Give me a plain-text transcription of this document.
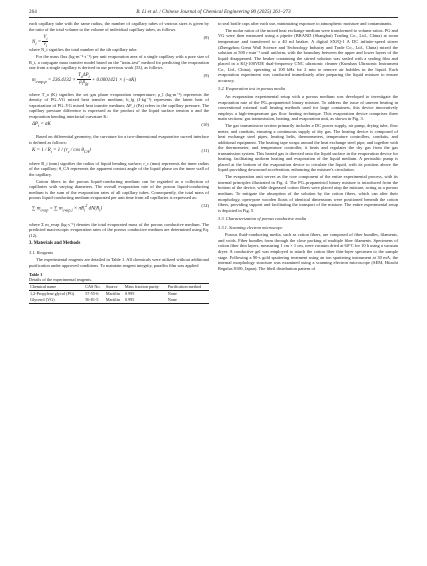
264	B. Li et al. / Chinese Journal of Chemical Engineering 80 (2025) 261–273

each capillary tube with the same radius, the number of capillary tubes of various sizes is given by the ratio of the total volume to the volume of individual capillary tubes, as follows.

$N_i = \frac{V_i}{v_i}$	(8)

where N_i signifies the total number of the ith capillary tube.

For the mass flux (kg·m⁻²·s⁻¹) per unit evaporation area of a single capillary with a pore size of R_i, a conjugate mass transfer model based on the "train–test" method for predicting the evaporation rate from a single capillary is derived in our previous work [33], as follows.

$m_{evap,p} = 236.4132 \times \frac{T_a\Delta P_i}{\rho_lh_{fg}} + 0.0001421 \times (-\sigma K)$
(9)

where T_a (K) signifies the set gas phase evaporation temperature; ρ_l (kg·m⁻³) represents the density of PG–VG mixed heat transfer medium; h_fg (J·kg⁻¹) represents the latent heat of vaporization of PG–VG mixed heat transfer medium; ΔP_i (Pa) refers to the capillary pressure. The capillary pressure difference is expressed as the product of the liquid surface tension σ and the evaporation bending interfacial curvature K:

$\Delta P_i = \sigma K$	(10)

Based on differential geometry, the curvature for a two-dimensional evaporative curved interface is defined as follows:

$K = 1 / R_i = 1 / (r_c / \cos \theta_{CA})$	(11)

where R_i (mm) signifies the radius of liquid bending surface; r_c (mm) represents the inner radius of the capillary; θ_CA represents the apparent contact angle of the liquid phase on the inner wall of the capillary.

Cotton fibers in the porous liquid-conducting medium can be regarded as a collection of capillaries with varying diameters. The overall evaporation rate of the porous liquid-conducting medium is the sum of the evaporation rates of all capillary tubes. Consequently, the total mass of porous liquid-conducting medium evaporated per unit time from all capillaries is expressed as:

∑ $m_{evap}$ = ∑ $m_{evap,i} \times \pi R_i^2$ $dN(R_i)$
(12)

where Σ m_evap (kg·s⁻¹) denotes the total evaporated mass of the porous conductive medium. The predicted macroscopic evaporation rates of the porous conductive medium are determined using Eq. (12).

3. Materials and Methods

3.1. Reagents

The experimental reagents are detailed in Table 1. All chemicals were utilized without additional purification under approved conditions. To maintain reagent integrity, paraffin film was applied

Table 1
Details of the experimental reagents.

Chemical name	CAS No.	Source	Mass fraction purity	Purification method
1,2-Propylene glycol (PG)	57-55-6	Macklin	0.995	None
Glycerol (VG)	56-81-5	Macklin	0.995	None

to seal bottle caps after each use, minimizing exposure to atmospheric moisture and contaminants.

The molar ratios of the mixed heat exchange medium were transformed to volume ratios. PG and VG were then measured using a pipette (BRAND (Shanghai) Trading Co., Ltd., China) at room temperature and transferred to a 40 ml beaker. A digital SXJQ-1 A DC infinite-speed stirrer (Zhengzhou Great Wall Science and Technology Industry and Trade Co., Ltd., China) mixed the solution at 500 r·min⁻¹ until uniform, with the boundary between the upper and lower layers of the liquid disappeared. The beaker containing the stirred solution was sealed with a sealing film and placed in a KQ-100VDE dual-frequency CNC ultrasonic cleaner (Kunshan Ultrasonic Instrument Co., Ltd., China), operating at 100 kHz for 2 min to remove air bubbles in the liquid. Each evaporation experiment was conducted immediately after preparing the liquid mixture to ensure accuracy.

3.2. Evaporation test in porous media

An evaporation experimental setup with a porous medium was developed to investigate the evaporation rate of the PG–propanetriol binary mixture. To address the issue of uneven heating in conventional external wall heating methods used for large containers, this device innovatively employs a high-temperature gas flow heating technique. This evaporation device comprises three main sections: gas transmission, heating, and evaporation unit, as shown in Fig. 3.

The gas transmission section primarily includes a DC power supply, air pump, drying tube, flow meter, and conduits, ensuring a continuous supply of dry gas. The heating device is composed of heat exchange steel pipes, heating belts, thermometers, temperature controllers, conduits, and additional equipment. The heating tape wraps around the heat exchange steel pipe, and together with the thermometer, and temperature controller, it heats and regulates the dry gas from the gas transmission system. This heated gas is directed onto the liquid surface in the evaporation device for heating, facilitating uniform heating and evaporation of the liquid medium. A peristaltic pump is placed at the bottom of the evaporation device to circulate the liquid, with its position above the liquid providing downward acceleration, enhancing the mixture's circulation.

The evaporation unit serves as the core component of the entire experimental process, with its internal principles illustrated in Fig. 4. The PG–propanetriol binary mixture is introduced from the bottom of the device, while degreased cotton fibers were placed atop the mixture, acting as a porous medium. To mitigate the absorption of the solution by the cotton fibers, which can alter their morphology, open-pore wooden floats of identical dimensions were positioned beneath the cotton fibers, providing support and facilitating the transport of the mixture. The entire experimental setup is depicted in Fig. 5.

3.3. Characterization of porous conductive media

3.3.1. Scanning electron microscope

Porous fluid-conducting media, such as cotton fibers, are composed of fiber bundles, filaments, and voids. Fiber bundles form through the close packing of multiple fiber filaments. Specimens of cotton fiber thin layers, measuring 1 cm × 1 cm, were vacuum dried at 60°C for 10 h using a vacuum dryer. A conductive gel was employed to attach the cotton fiber thin-layer specimen to the sample stage. Following a 90-s gold sputtering treatment using an ion sputtering instrument at 30 mA, the internal morphology structure was examined using a scanning electron microscope (SEM, Hitachi Regulus 8100, Japan). The fibril distribution pattern of
